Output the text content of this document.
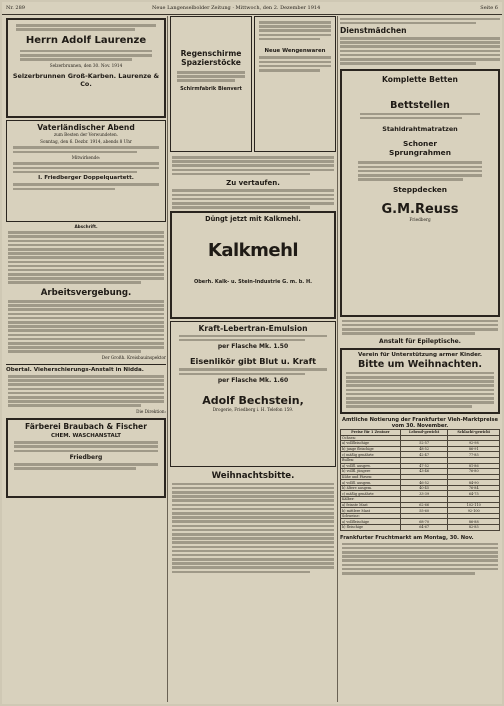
Nr. 289	Neue Langenselbolder Zeitung · Mittwoch, den 2. Dezember 1914	Seite 6
Herrn Adolf Laurenze
Selzerbrunnen, den 30. Nov. 1914
Selzerbrunnen Groß-Karben. Laurenze & Co.
Vaterländischer Abend
zum Besten der Verwundeten.
Sonntag, den 6. Dezbr. 1914, abends 8 Uhr
Mitwirkende:
I. Friedberger Doppelquartett.
Abschrift.
Arbeitsvergebung.
Der Großh. Kreisbauinspektor
Obertal. Vieherschierungs-Anstalt in Nidda.
Die Direktion:
Färberei Braubach & Fischer
CHEM. WASCHANSTALT
Friedberg
Regenschirme Spazierstöcke
Schirmfabrik Bienvert
Neue Wengenwaren
Zu vertaufen.
Düngt jetzt mit Kalkmehl.
Kalkmehl
Oberh. Kalk- u. Stein-Industrie G. m. b. H.
Kraft-Lebertran-Emulsion
per Flasche Mk. 1.50
Eisenlikör gibt Blut u. Kraft
per Flasche Mk. 1.60
Adolf Bechstein,
Drogerie, Friedberg i. H. Telefon 159.
Weihnachtsbitte.
Dienstmädchen
Komplette Betten
Bettstellen
Stahldrahtmatratzen
Schoner
Sprungrahmen
Steppdecken
G.M.Reuss
Friedberg
Anstalt für Epileptische.
Verein für Unterstützung armer Kinder.
Bitte um Weihnachten.
Amtliche Notierung der Frankfurter Vieh-Marktpreise vom 30. November.
Preise für 1 Zentner	Lebend-gewicht	Schlacht-gewicht
Ochsen:		
a) vollfleischige	52-57	92-98
b) junge fleischige	48-52	86-91
c) mäßig genährte	42-47	77-85
Bullen:		
a) vollfl. ausgew.	47-52	81-86
b) vollfl. jüngere	43-46	76-80
Kühe und Färsen:		
a) vollfl. ausgem.	46-52	84-90
b) ältere ausgem.	40-45	76-84
c) mäßig genährte	33-39	64-75
Kälber:		
a) feinste Mast	62-66	102-110
b) mittlere Mast	55-60	92-100
Schweine:		
a) vollfleischige	68-70	86-88
b) fleischige	64-67	82-85
Frankfurter Fruchtmarkt am Montag, 30. Nov.
